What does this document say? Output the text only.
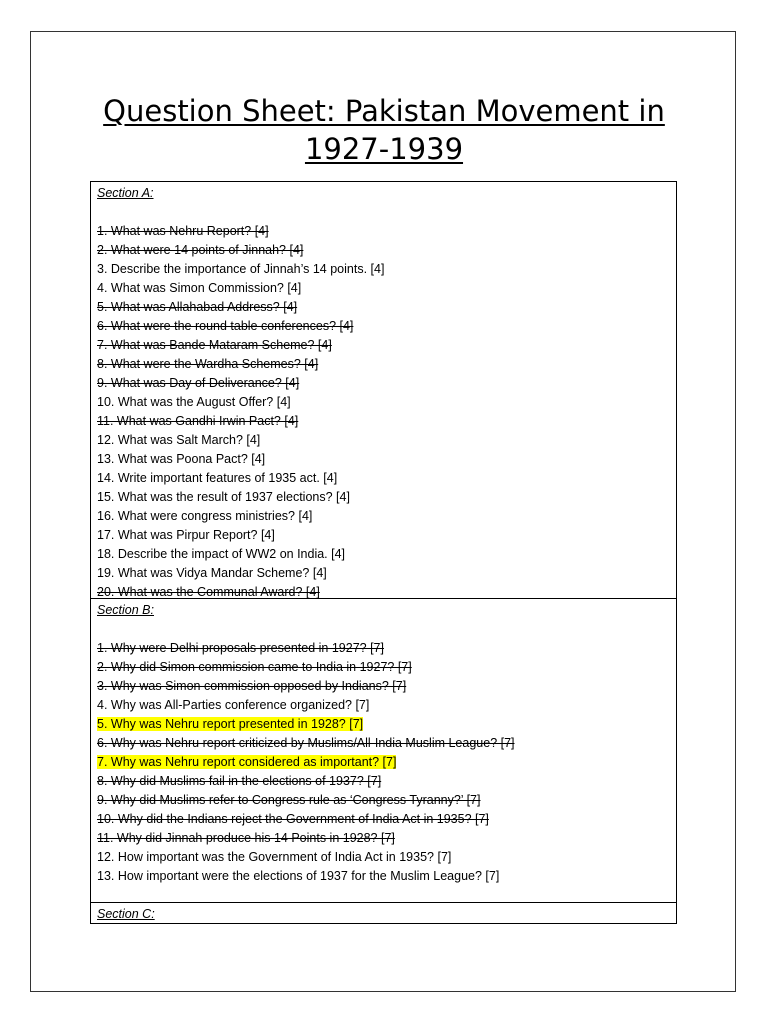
Question Sheet: Pakistan Movement in
1927-1939
Section A:
1. What was Nehru Report? [4]
2. What were 14 points of Jinnah? [4]
3. Describe the importance of Jinnah’s 14 points. [4]
4. What was Simon Commission? [4]
5. What was Allahabad Address? [4]
6. What were the round table conferences? [4]
7. What was Bande Mataram Scheme? [4]
8. What were the Wardha Schemes? [4]
9. What was Day of Deliverance? [4]
10. What was the August Offer? [4]
11. What was Gandhi Irwin Pact? [4]
12. What was Salt March? [4]
13. What was Poona Pact? [4]
14. Write important features of 1935 act. [4]
15. What was the result of 1937 elections? [4]
16. What were congress ministries? [4]
17. What was Pirpur Report? [4]
18. Describe the impact of WW2 on India. [4]
19. What was Vidya Mandar Scheme? [4]
20. What was the Communal Award? [4]
Section B:
1. Why were Delhi proposals presented in 1927? [7]
2. Why did Simon commission came to India in 1927? [7]
3. Why was Simon commission opposed by Indians? [7]
4. Why was All-Parties conference organized? [7]
5. Why was Nehru report presented in 1928? [7]
6. Why was Nehru report criticized by Muslims/All-India Muslim League? [7]
7. Why was Nehru report considered as important? [7]
8. Why did Muslims fail in the elections of 1937? [7]
9. Why did Muslims refer to Congress rule as ‘Congress Tyranny?’ [7]
10. Why did the Indians reject the Government of India Act in 1935? [7]
11. Why did Jinnah produce his 14 Points in 1928? [7]
12. How important was the Government of India Act in 1935? [7]
13. How important were the elections of 1937 for the Muslim League? [7]
Section C:
